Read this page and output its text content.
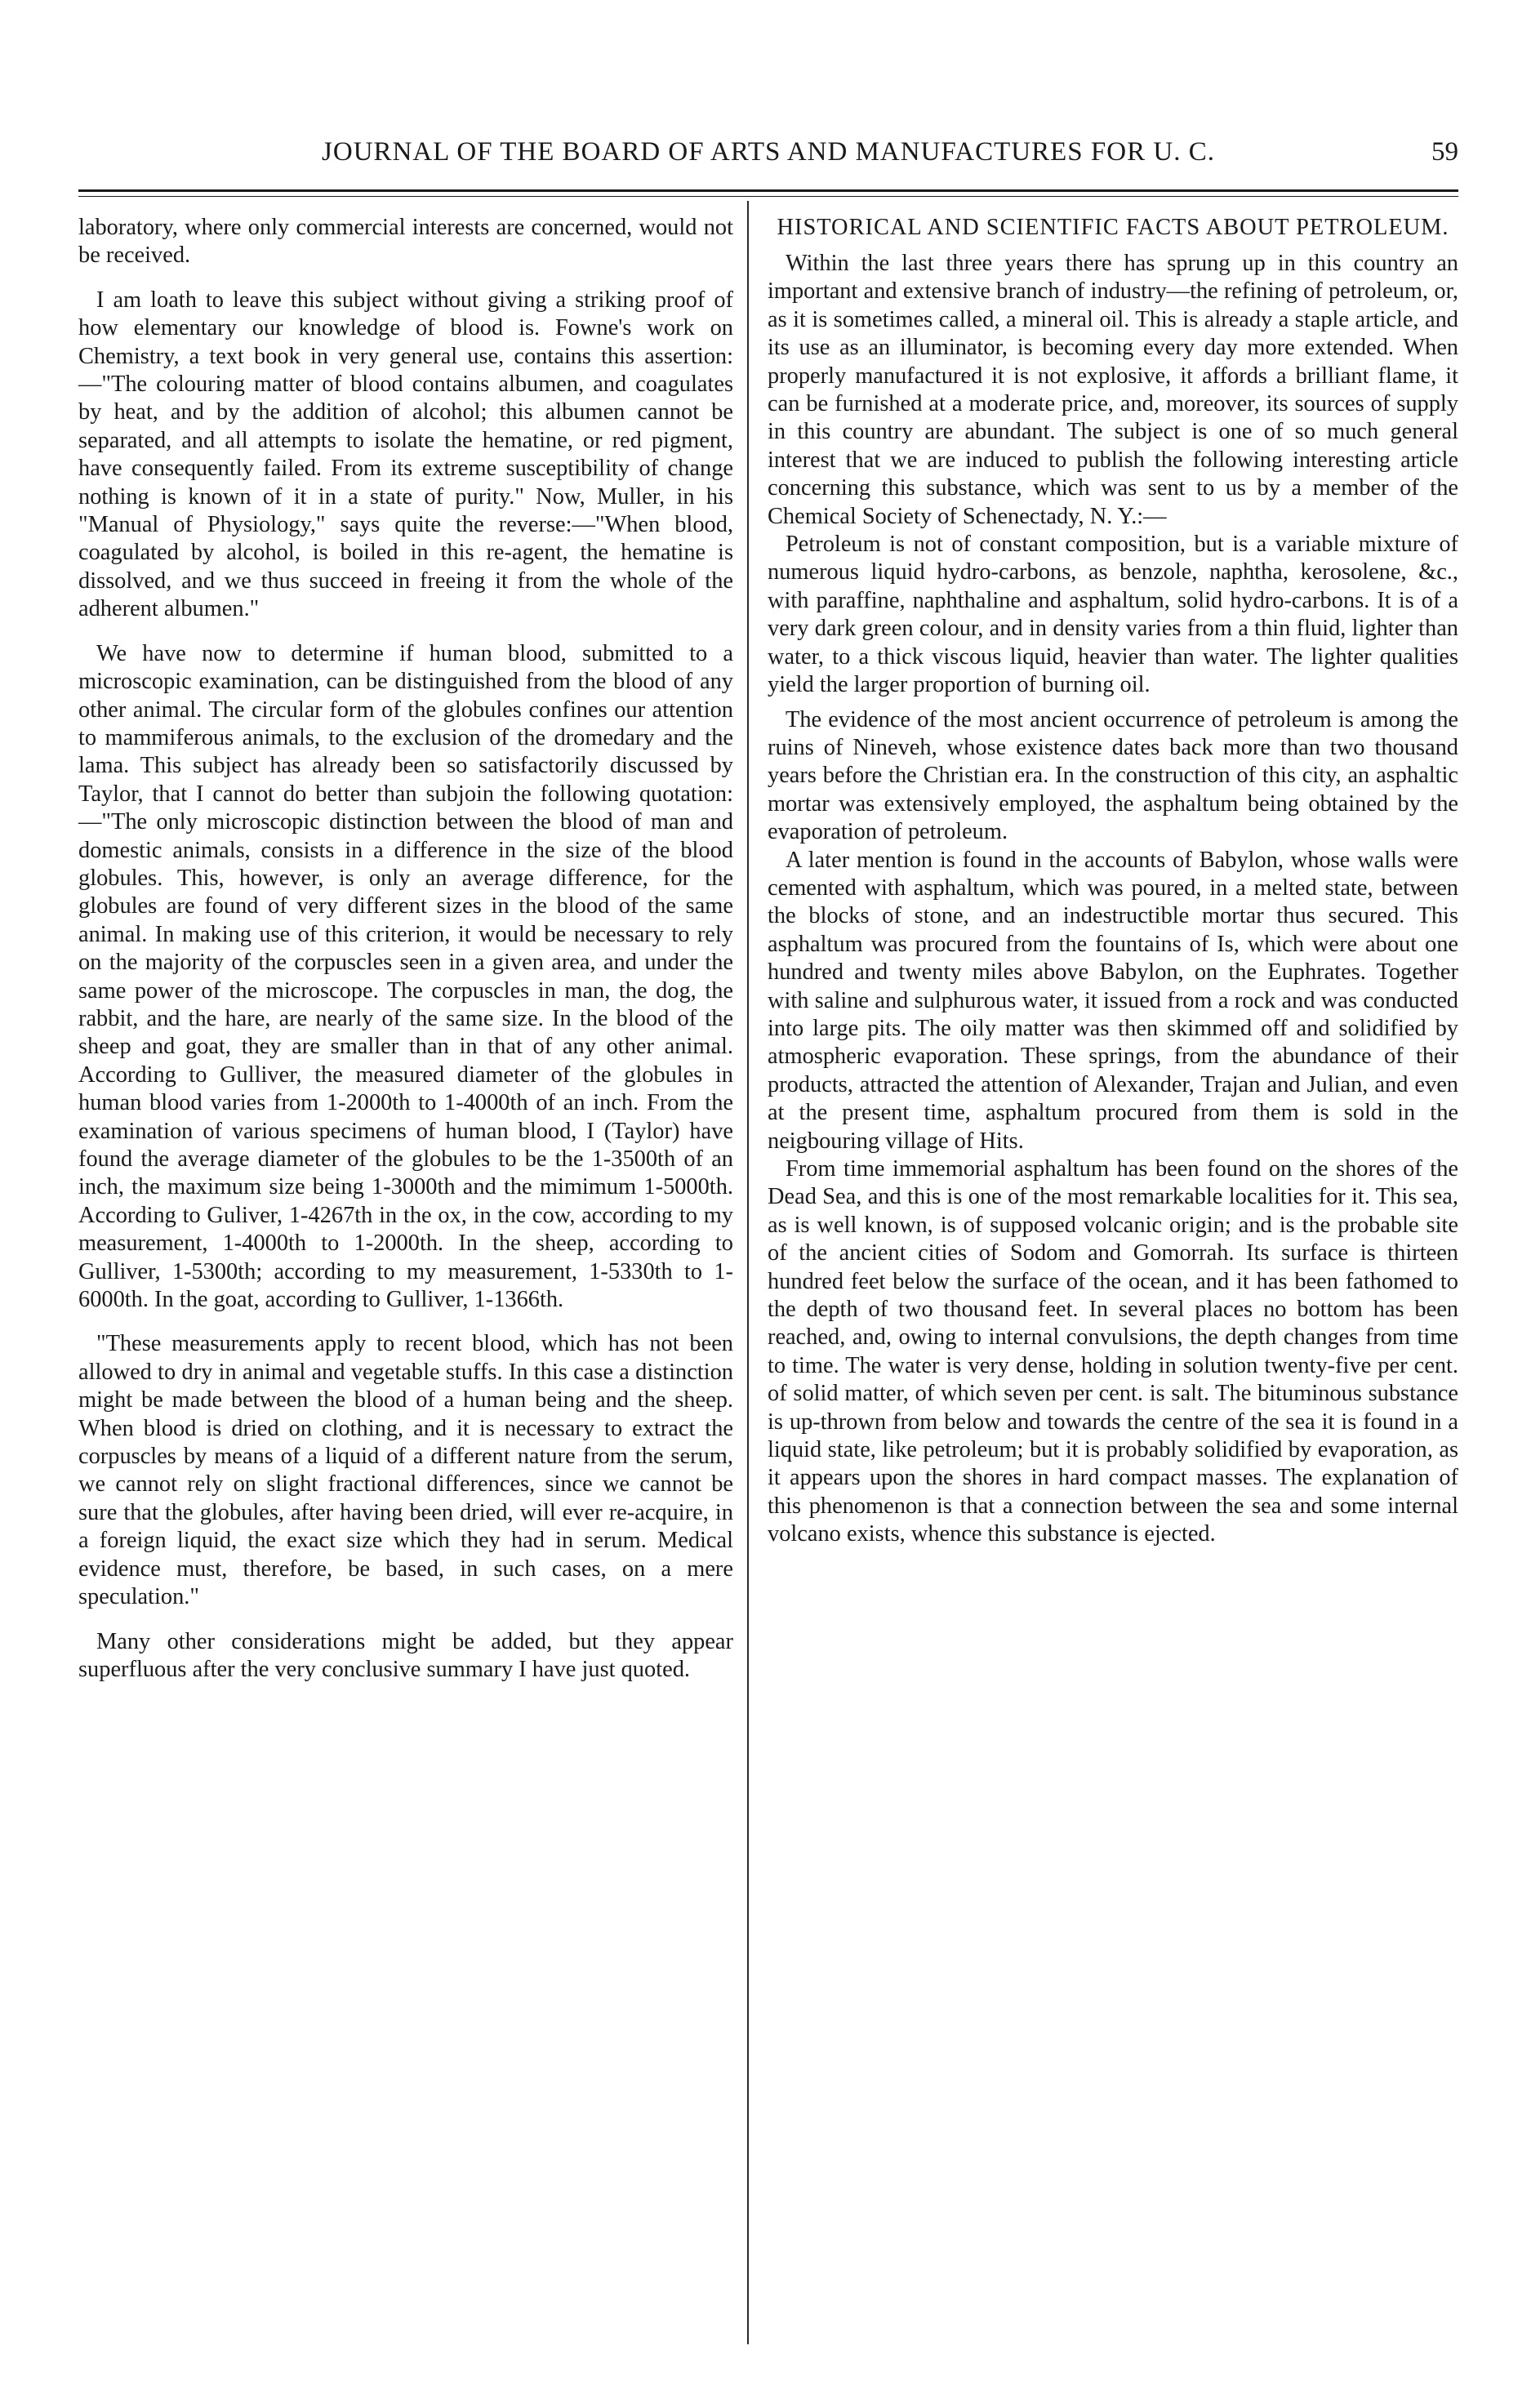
JOURNAL OF THE BOARD OF ARTS AND MANUFACTURES FOR U. C.	59

laboratory, where only commercial interests are concerned, would not be received.

I am loath to leave this subject without giving a striking proof of how elementary our knowledge of blood is. Fowne's work on Chemistry, a text book in very general use, contains this assertion:—"The colouring matter of blood contains albumen, and coagulates by heat, and by the addition of alcohol; this albumen cannot be separated, and all attempts to isolate the hematine, or red pigment, have consequently failed. From its extreme susceptibility of change nothing is known of it in a state of purity." Now, Muller, in his "Manual of Physiology," says quite the reverse:—"When blood, coagulated by alcohol, is boiled in this re-agent, the hematine is dissolved, and we thus succeed in freeing it from the whole of the adherent albumen."

We have now to determine if human blood, submitted to a microscopic examination, can be distinguished from the blood of any other animal. The circular form of the globules confines our attention to mammiferous animals, to the exclusion of the dromedary and the lama. This subject has already been so satisfactorily discussed by Taylor, that I cannot do better than subjoin the following quotation:—"The only microscopic distinction between the blood of man and domestic animals, consists in a difference in the size of the blood globules. This, however, is only an average difference, for the globules are found of very different sizes in the blood of the same animal. In making use of this criterion, it would be necessary to rely on the majority of the corpuscles seen in a given area, and under the same power of the microscope. The corpuscles in man, the dog, the rabbit, and the hare, are nearly of the same size. In the blood of the sheep and goat, they are smaller than in that of any other animal. According to Gulliver, the measured diameter of the globules in human blood varies from 1-2000th to 1-4000th of an inch. From the examination of various specimens of human blood, I (Taylor) have found the average diameter of the globules to be the 1-3500th of an inch, the maximum size being 1-3000th and the mimimum 1-5000th. According to Guliver, 1-4267th in the ox, in the cow, according to my measurement, 1-4000th to 1-2000th. In the sheep, according to Gulliver, 1-5300th; according to my measurement, 1-5330th to 1-6000th. In the goat, according to Gulliver, 1-1366th.

"These measurements apply to recent blood, which has not been allowed to dry in animal and vegetable stuffs. In this case a distinction might be made between the blood of a human being and the sheep. When blood is dried on clothing, and it is necessary to extract the corpuscles by means of a liquid of a different nature from the serum, we cannot rely on slight fractional differences, since we cannot be sure that the globules, after having been dried, will ever re-acquire, in a foreign liquid, the exact size which they had in serum. Medical evidence must, therefore, be based, in such cases, on a mere speculation."

Many other considerations might be added, but they appear superfluous after the very conclusive summary I have just quoted.

HISTORICAL AND SCIENTIFIC FACTS ABOUT PETROLEUM.

Within the last three years there has sprung up in this country an important and extensive branch of industry—the refining of petroleum, or, as it is sometimes called, a mineral oil. This is already a staple article, and its use as an illuminator, is becoming every day more extended. When properly manufactured it is not explosive, it affords a brilliant flame, it can be furnished at a moderate price, and, moreover, its sources of supply in this country are abundant. The subject is one of so much general interest that we are induced to publish the following interesting article concerning this substance, which was sent to us by a member of the Chemical Society of Schenectady, N. Y.:—

Petroleum is not of constant composition, but is a variable mixture of numerous liquid hydro-carbons, as benzole, naphtha, kerosolene, &c., with paraffine, naphthaline and asphaltum, solid hydro-carbons. It is of a very dark green colour, and in density varies from a thin fluid, lighter than water, to a thick viscous liquid, heavier than water. The lighter qualities yield the larger proportion of burning oil.

The evidence of the most ancient occurrence of petroleum is among the ruins of Nineveh, whose existence dates back more than two thousand years before the Christian era. In the construction of this city, an asphaltic mortar was extensively employed, the asphaltum being obtained by the evaporation of petroleum.

A later mention is found in the accounts of Babylon, whose walls were cemented with asphaltum, which was poured, in a melted state, between the blocks of stone, and an indestructible mortar thus secured. This asphaltum was procured from the fountains of Is, which were about one hundred and twenty miles above Babylon, on the Euphrates. Together with saline and sulphurous water, it issued from a rock and was conducted into large pits. The oily matter was then skimmed off and solidified by atmospheric evaporation. These springs, from the abundance of their products, attracted the attention of Alexander, Trajan and Julian, and even at the present time, asphaltum procured from them is sold in the neigbouring village of Hits.

From time immemorial asphaltum has been found on the shores of the Dead Sea, and this is one of the most remarkable localities for it. This sea, as is well known, is of supposed volcanic origin; and is the probable site of the ancient cities of Sodom and Gomorrah. Its surface is thirteen hundred feet below the surface of the ocean, and it has been fathomed to the depth of two thousand feet. In several places no bottom has been reached, and, owing to internal convulsions, the depth changes from time to time. The water is very dense, holding in solution twenty-five per cent. of solid matter, of which seven per cent. is salt. The bituminous substance is up-thrown from below and towards the centre of the sea it is found in a liquid state, like petroleum; but it is probably solidified by evaporation, as it appears upon the shores in hard compact masses. The explanation of this phenomenon is that a connection between the sea and some internal volcano exists, whence this substance is ejected.
